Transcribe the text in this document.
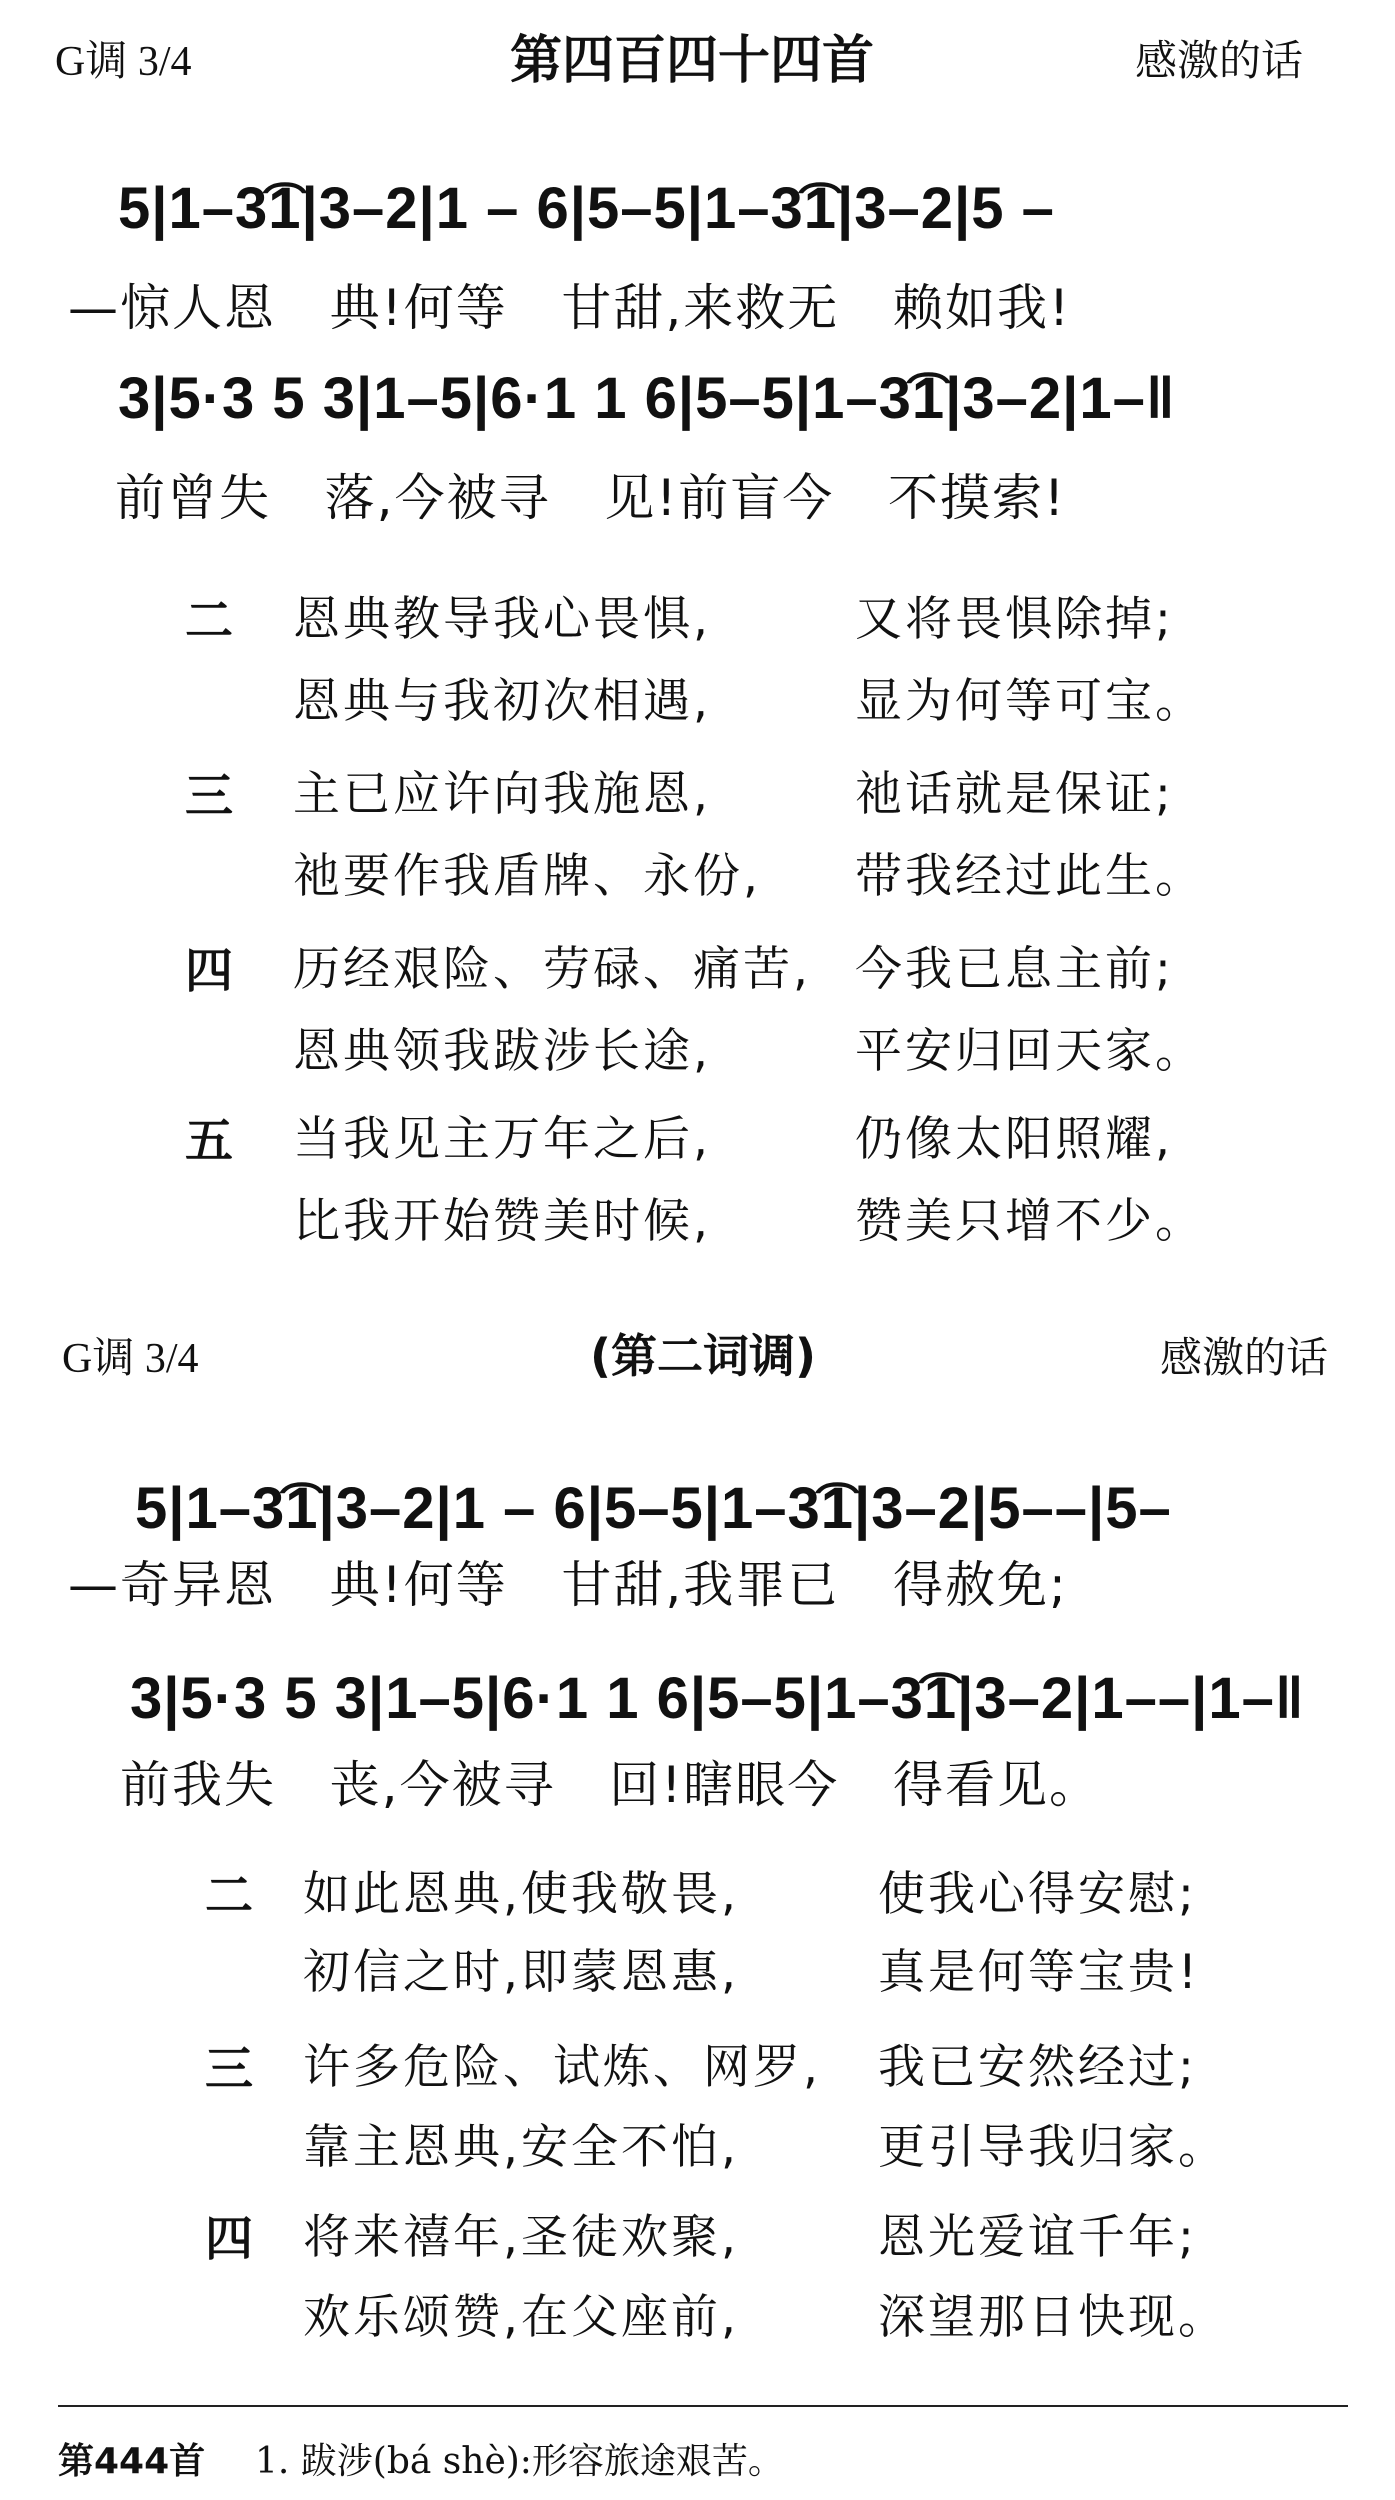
G调 3/4	第四百四十四首	感激的话
5|1–3͡1|3–2|1 – 6|5–5|1–3͡1|3–2|5 –
—惊人恩   典!何等   甘甜,来救无   赖如我!
3|5·3 5 3|1–5|6·1 1 6|5–5|1–3͡1|3–2|1–‖
前曾失   落,今被寻   见!前盲今   不摸索!
二 恩典教导我心畏惧,	又将畏惧除掉;
恩典与我初次相遇,	显为何等可宝。
三 主已应许向我施恩,	祂话就是保证;
祂要作我盾牌、永份, 带我经过此生。
四 历经艰险、劳碌、痛苦, 今我已息主前;
恩典领我跋涉长途,	平安归回天家。
五 当我见主万年之后,	仍像太阳照耀,
比我开始赞美时候,	赞美只增不少。
G调 3/4	(第二词调)	感激的话
5|1–3͡1|3–2|1 – 6|5–5|1–3͡1|3–2|5––|5–
—奇异恩   典!何等   甘甜,我罪已   得赦免;
3|5·3 5 3|1–5|6·1 1 6|5–5|1–3͡1|3–2|1––|1–‖
前我失   丧,今被寻   回!瞎眼今   得看见。
二 如此恩典,使我敬畏,	使我心得安慰;
初信之时,即蒙恩惠,	真是何等宝贵!
三 许多危险、试炼、网罗, 我已安然经过;
靠主恩典,安全不怕,	更引导我归家。
四 将来禧年,圣徒欢聚,	恩光爱谊千年;
欢乐颂赞,在父座前,	深望那日快现。
第444首 1. 跋涉(bá shè):形容旅途艰苦。
